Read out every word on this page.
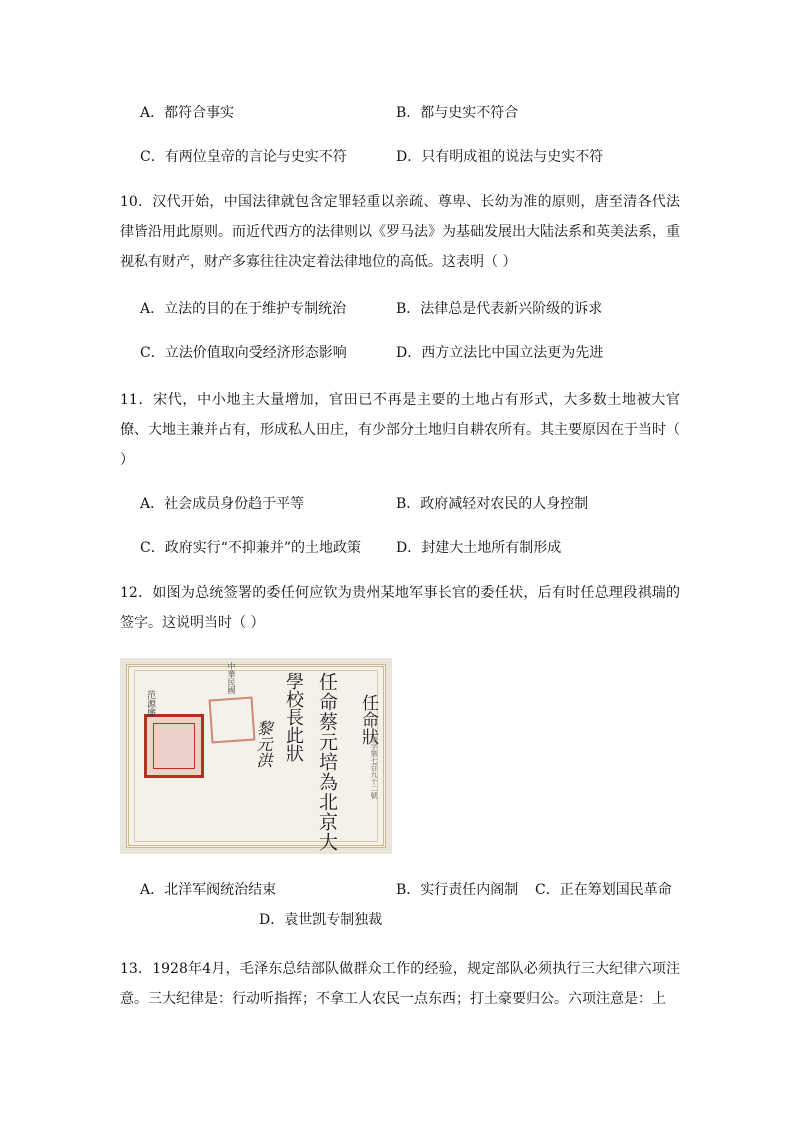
A．都符合事实	B．都与史实不符合
C．有两位皇帝的言论与史实不符	D．只有明成祖的说法与史实不符
10．汉代开始，中国法律就包含定罪轻重以亲疏、尊卑、长幼为准的原则，唐至清各代法律皆沿用此原则。而近代西方的法律则以《罗马法》为基础发展出大陆法系和英美法系，重视私有财产，财产多寡往往决定着法律地位的高低。这表明（ ）
A．立法的目的在于维护专制统治	B．法律总是代表新兴阶级的诉求
C．立法价值取向受经济形态影响	D．西方立法比中国立法更为先进
11．宋代，中小地主大量增加，官田已不再是主要的土地占有形式，大多数土地被大官僚、大地主兼并占有，形成私人田庄，有少部分土地归自耕农所有。其主要原因在于当时（ ）
A．社会成员身份趋于平等	B．政府减轻对农民的人身控制
C．政府实行“不抑兼并”的土地政策 D．封建大土地所有制形成
12．如图为总统签署的委任何应钦为贵州某地军事长官的委任状，后有时任总理段祺瑞的签字。这说明当时（ ）
任命狀
简字第七百九十二號
任命蔡元培為北京大
學校長此狀
黎元洪
中華民國
范源廉
A．北洋军阀统治结束	B．实行责任内阁制 C．正在筹划国民革命
D．袁世凯专制独裁
13．1928年4月，毛泽东总结部队做群众工作的经验，规定部队必须执行三大纪律六项注意。三大纪律是：行动听指挥；不拿工人农民一点东西；打土豪要归公。六项注意是：上
